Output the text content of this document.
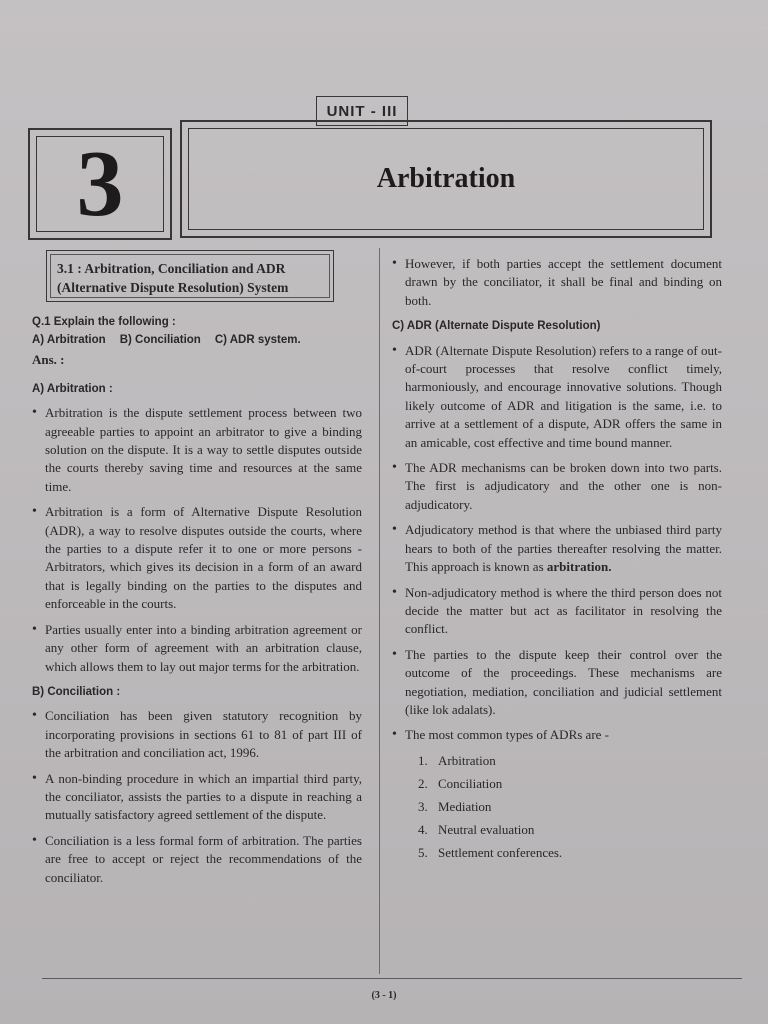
UNIT - III
3	Arbitration
3.1 : Arbitration, Conciliation and ADR (Alternative Dispute Resolution) System
Q.1 Explain the following :
A) Arbitration B) Conciliation C) ADR system.
Ans. :
A) Arbitration :

• Arbitration is the dispute settlement process between two agreeable parties to appoint an arbitrator to give a binding solution on the dispute. It is a way to settle disputes outside the courts thereby saving time and resources at the same time.

• Arbitration is a form of Alternative Dispute Resolution (ADR), a way to resolve disputes outside the courts, where the parties to a dispute refer it to one or more persons - Arbitrators, which gives its decision in a form of an award that is legally binding on the parties to the disputes and enforceable in the courts.

• Parties usually enter into a binding arbitration agreement or any other form of agreement with an arbitration clause, which allows them to lay out major terms for the arbitration.

B) Conciliation :

• Conciliation has been given statutory recognition by incorporating provisions in sections 61 to 81 of part III of the arbitration and conciliation act, 1996.

• A non-binding procedure in which an impartial third party, the conciliator, assists the parties to a dispute in reaching a mutually satisfactory agreed settlement of the dispute.

• Conciliation is a less formal form of arbitration. The parties are free to accept or reject the recommendations of the conciliator.

• However, if both parties accept the settlement document drawn by the conciliator, it shall be final and binding on both.

C) ADR (Alternate Dispute Resolution)

• ADR (Alternate Dispute Resolution) refers to a range of out-of-court processes that resolve conflict timely, harmoniously, and encourage innovative solutions. Though likely outcome of ADR and litigation is the same, i.e. to arrive at a settlement of a dispute, ADR offers the same in an amicable, cost effective and time bound manner.

• The ADR mechanisms can be broken down into two parts. The first is adjudicatory and the other one is non-adjudicatory.

• Adjudicatory method is that where the unbiased third party hears to both of the parties thereafter resolving the matter. This approach is known as arbitration.

• Non-adjudicatory method is where the third person does not decide the matter but act as facilitator in resolving the conflict.

• The parties to the dispute keep their control over the outcome of the proceedings. These mechanisms are negotiation, mediation, conciliation and judicial settlement (like lok adalats).

• The most common types of ADRs are -

1. Arbitration
2. Conciliation
3. Mediation
4. Neutral evaluation
5. Settlement conferences.
(3 - 1)
